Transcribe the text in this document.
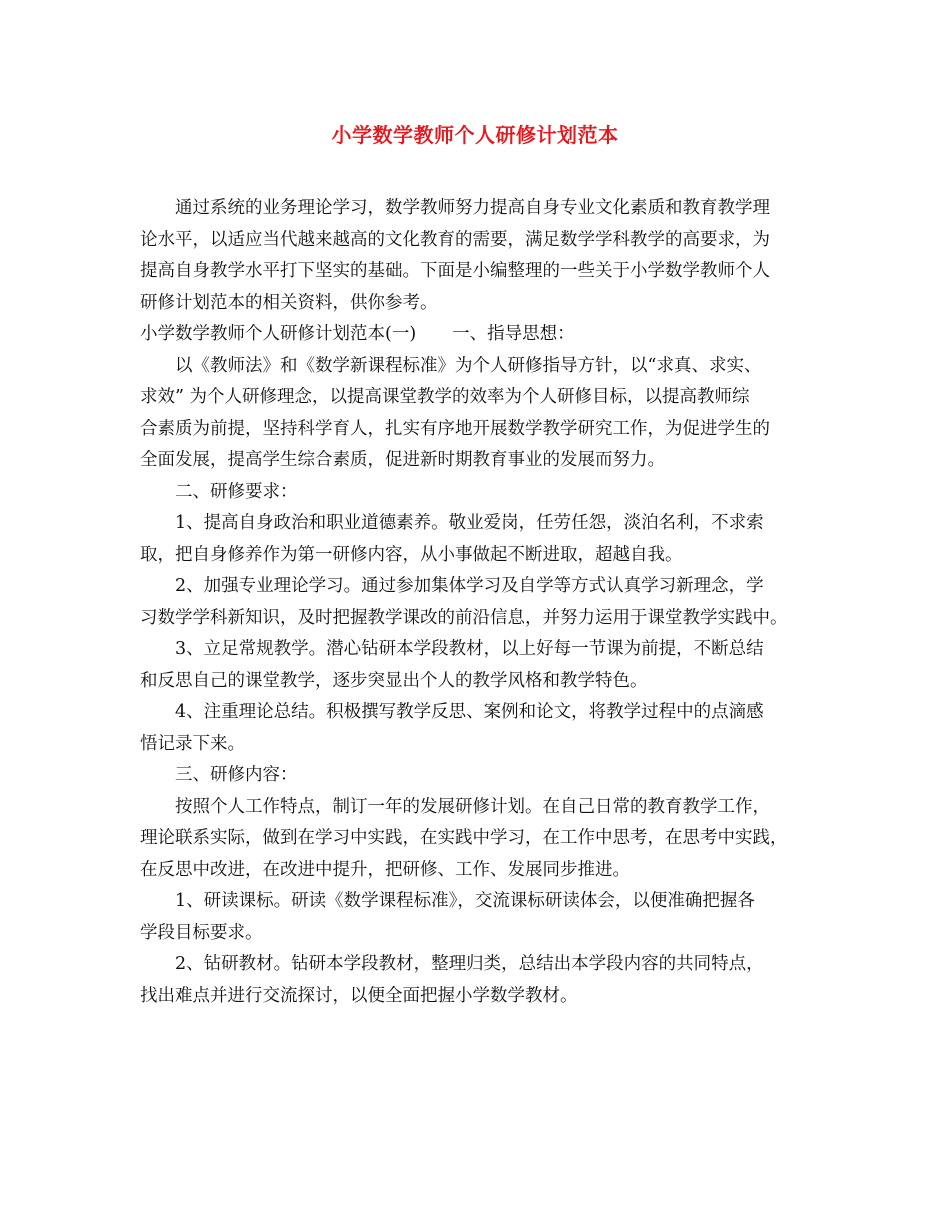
小学数学教师个人研修计划范本
通过系统的业务理论学习，数学教师努力提高自身专业文化素质和教育教学理
论水平，以适应当代越来越高的文化教育的需要，满足数学学科教学的高要求，为
提高自身教学水平打下坚实的基础。下面是小编整理的一些关于小学数学教师个人
研修计划范本的相关资料，供你参考。
小学数学教师个人研修计划范本(一) 一、指导思想：
以《教师法》和《数学新课程标准》为个人研修指导方针，以“求真、求实、
求效” 为个人研修理念，以提高课堂教学的效率为个人研修目标，以提高教师综
合素质为前提，坚持科学育人，扎实有序地开展数学教学研究工作，为促进学生的
全面发展，提高学生综合素质，促进新时期教育事业的发展而努力。
二、研修要求：
1、提高自身政治和职业道德素养。敬业爱岗，任劳任怨，淡泊名利，不求索
取，把自身修养作为第一研修内容，从小事做起不断进取，超越自我。
2、加强专业理论学习。通过参加集体学习及自学等方式认真学习新理念，学
习数学学科新知识，及时把握教学课改的前沿信息，并努力运用于课堂教学实践中。
3、立足常规教学。潜心钻研本学段教材，以上好每一节课为前提，不断总结
和反思自己的课堂教学，逐步突显出个人的教学风格和教学特色。
4、注重理论总结。积极撰写教学反思、案例和论文，将教学过程中的点滴感
悟记录下来。
三、研修内容：
按照个人工作特点，制订一年的发展研修计划。在自己日常的教育教学工作，
理论联系实际，做到在学习中实践，在实践中学习，在工作中思考，在思考中实践，
在反思中改进，在改进中提升，把研修、工作、发展同步推进。
1、研读课标。研读《数学课程标准》，交流课标研读体会，以便准确把握各
学段目标要求。
2、钻研教材。钻研本学段教材，整理归类，总结出本学段内容的共同特点，
找出难点并进行交流探讨，以便全面把握小学数学教材。
